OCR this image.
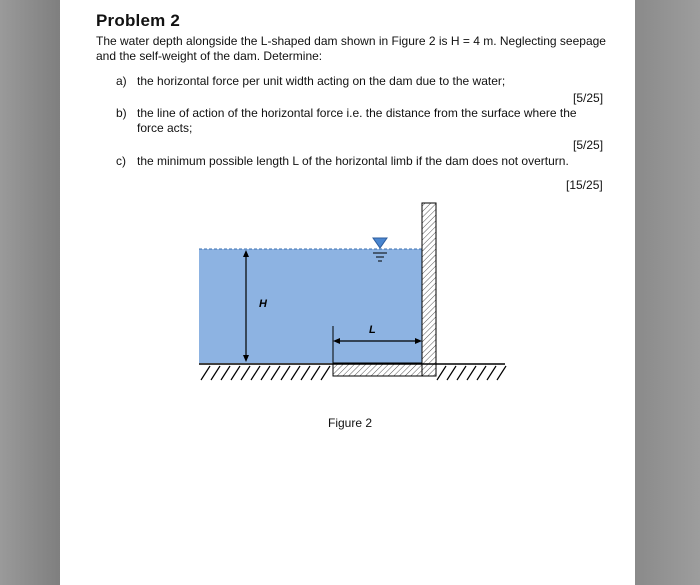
Problem 2
The water depth alongside the L-shaped dam shown in Figure 2 is H = 4 m. Neglecting seepage and the self-weight of the dam. Determine:
a) the horizontal force per unit width acting on the dam due to the water;
[5/25]
b) the line of action of the horizontal force i.e. the distance from the surface where the force acts;
[5/25]
c) the minimum possible length L of the horizontal limb if the dam does not overturn.
[15/25]
H
L
Figure 2
